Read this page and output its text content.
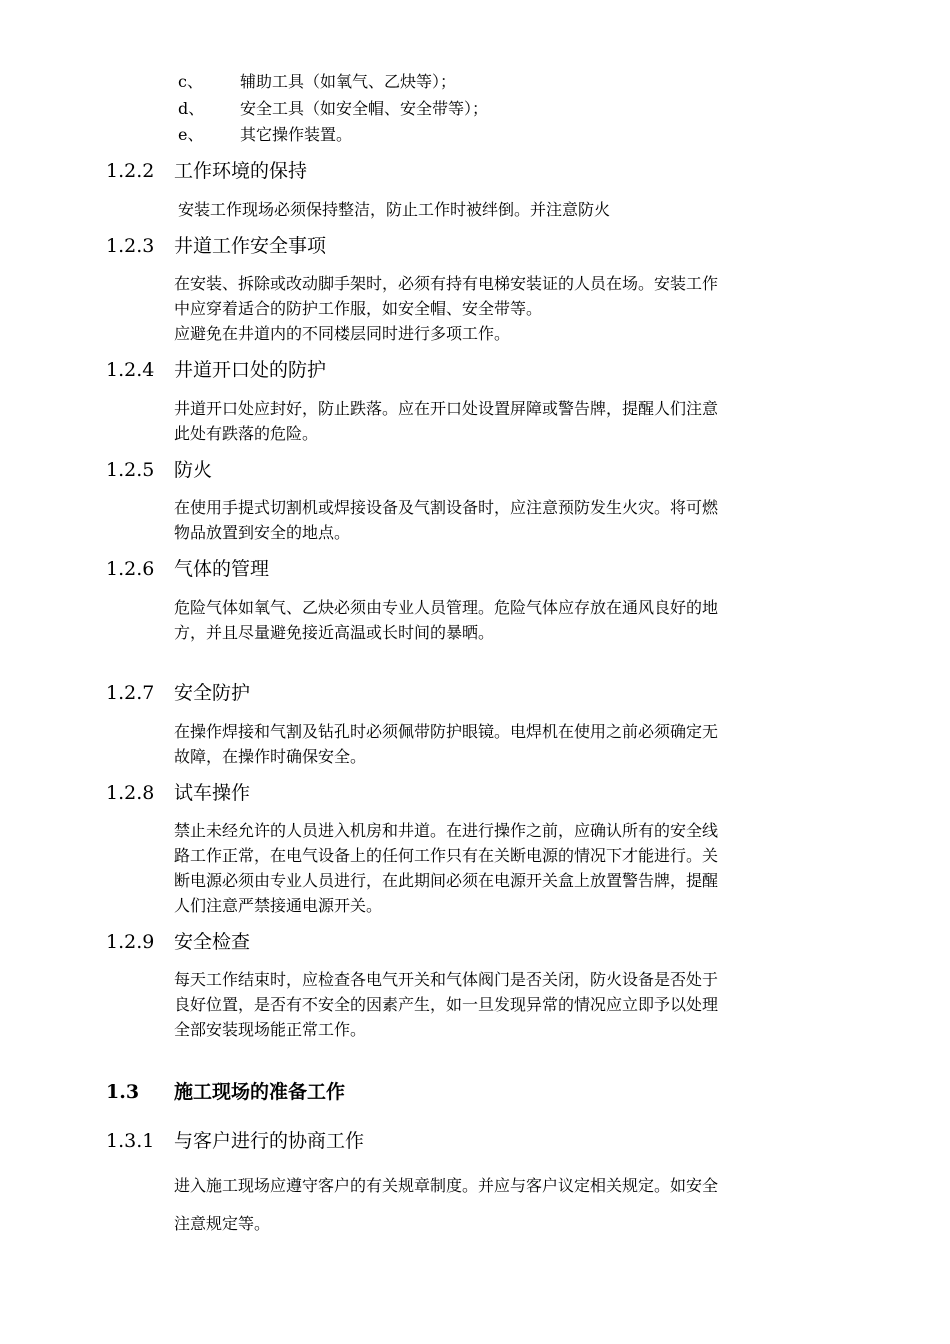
c、 辅助工具（如氧气、乙炔等）；
d、 安全工具（如安全帽、安全带等）；
e、 其它操作装置。
1.2.2 工作环境的保持
安装工作现场必须保持整洁，防止工作时被绊倒。并注意防火
1.2.3 井道工作安全事项
在安装、拆除或改动脚手架时，必须有持有电梯安装证的人员在场。安装工作
中应穿着适合的防护工作服，如安全帽、安全带等。
应避免在井道内的不同楼层同时进行多项工作。
1.2.4 井道开口处的防护
井道开口处应封好，防止跌落。应在开口处设置屏障或警告牌，提醒人们注意
此处有跌落的危险。
1.2.5 防火
在使用手提式切割机或焊接设备及气割设备时，应注意预防发生火灾。将可燃
物品放置到安全的地点。
1.2.6 气体的管理
危险气体如氧气、乙炔必须由专业人员管理。危险气体应存放在通风良好的地
方，并且尽量避免接近高温或长时间的暴晒。
1.2.7 安全防护
在操作焊接和气割及钻孔时必须佩带防护眼镜。电焊机在使用之前必须确定无
故障，在操作时确保安全。
1.2.8 试车操作
禁止未经允许的人员进入机房和井道。在进行操作之前，应确认所有的安全线
路工作正常，在电气设备上的任何工作只有在关断电源的情况下才能进行。关
断电源必须由专业人员进行，在此期间必须在电源开关盒上放置警告牌，提醒
人们注意严禁接通电源开关。
1.2.9 安全检查
每天工作结束时，应检查各电气开关和气体阀门是否关闭，防火设备是否处于
良好位置，是否有不安全的因素产生，如一旦发现异常的情况应立即予以处理
全部安装现场能正常工作。
1.3 施工现场的准备工作
1.3.1 与客户进行的协商工作
进入施工现场应遵守客户的有关规章制度。并应与客户议定相关规定。如安全
注意规定等。
